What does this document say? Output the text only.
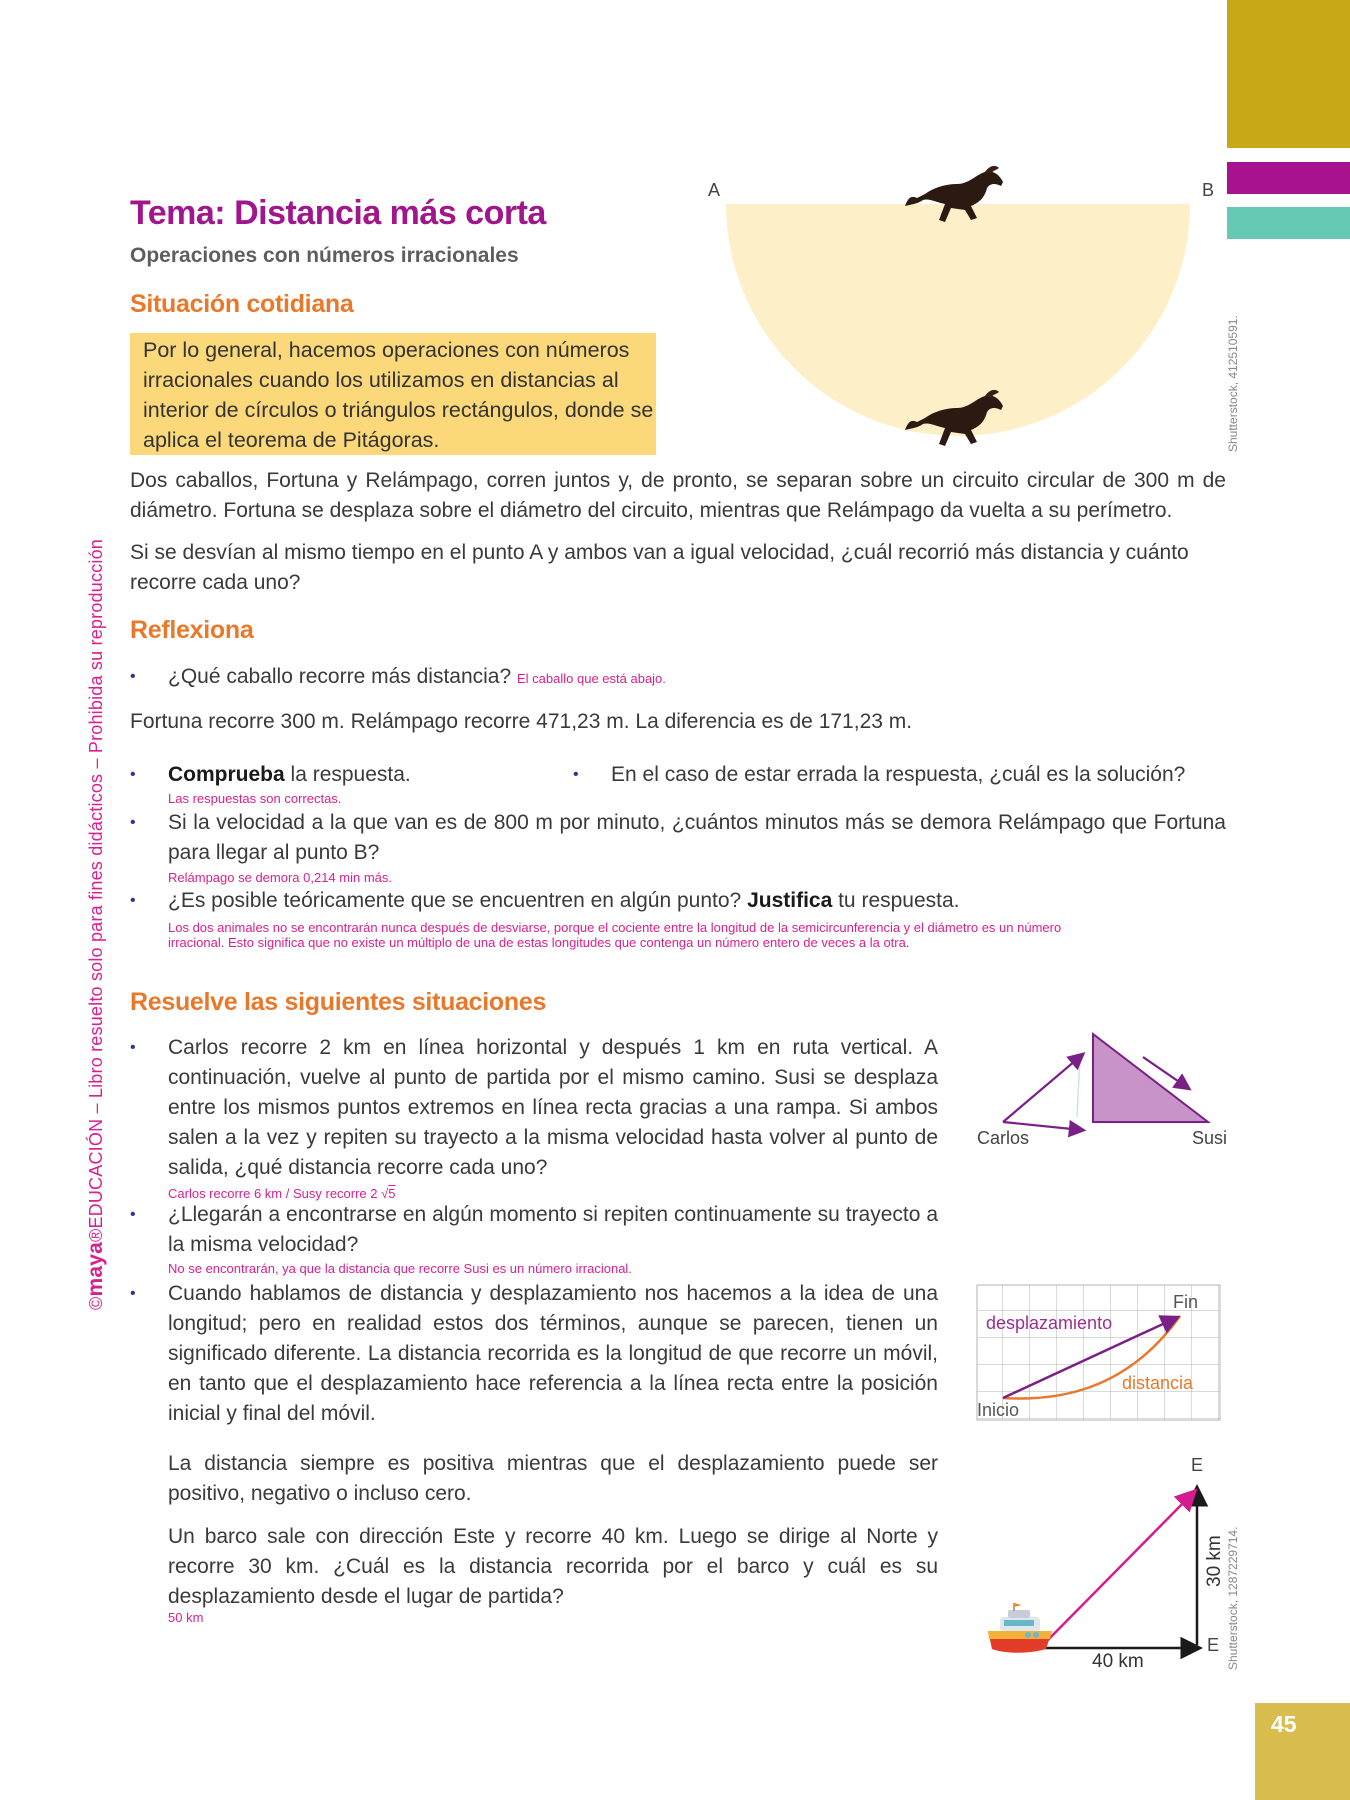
©maya®EDUCACIÓN – Libro resuelto solo para fines didácticos – Prohibida su reproducción
Tema: Distancia más corta
Operaciones con números irracionales
Situación cotidiana
Por lo general, hacemos operaciones con números irracionales cuando los utilizamos en distancias al interior de círculos o triángulos rectángulos, donde se aplica el teorema de Pitágoras.
A	B
Shutterstock, 412510591.
Dos caballos, Fortuna y Relámpago, corren juntos y, de pronto, se separan sobre un circuito circular de 300 m de diámetro. Fortuna se desplaza sobre el diámetro del circuito, mientras que Relámpago da vuelta a su perímetro.
Si se desvían al mismo tiempo en el punto A y ambos van a igual velocidad, ¿cuál recorrió más distancia y cuánto recorre cada uno?
Reflexiona
• ¿Qué caballo recorre más distancia? El caballo que está abajo.
Fortuna recorre 300 m. Relámpago recorre 471,23 m. La diferencia es de 171,23 m.
• Comprueba la respuesta.
Las respuestas son correctas.
• En el caso de estar errada la respuesta, ¿cuál es la solución?
• Si la velocidad a la que van es de 800 m por minuto, ¿cuántos minutos más se demora Relámpago que Fortuna para llegar al punto B?
Relámpago se demora 0,214 min más.
• ¿Es posible teóricamente que se encuentren en algún punto? Justifica tu respuesta.
Los dos animales no se encontrarán nunca después de desviarse, porque el cociente entre la longitud de la semicircunferencia y el diámetro es un número irracional. Esto significa que no existe un múltiplo de una de estas longitudes que contenga un número entero de veces a la otra.
Resuelve las siguientes situaciones
• Carlos recorre 2 km en línea horizontal y después 1 km en ruta vertical. A continuación, vuelve al punto de partida por el mismo camino. Susi se desplaza entre los mismos puntos extremos en línea recta gracias a una rampa. Si ambos salen a la vez y repiten su trayecto a la misma velocidad hasta volver al punto de salida, ¿qué distancia recorre cada uno?
Carlos recorre 6 km / Susy recorre 2 √5
• ¿Llegarán a encontrarse en algún momento si repiten continuamente su trayecto a la misma velocidad?
No se encontrarán, ya que la distancia que recorre Susi es un número irracional.
• Cuando hablamos de distancia y desplazamiento nos hacemos a la idea de una longitud; pero en realidad estos dos términos, aunque se parecen, tienen un significado diferente. La distancia recorrida es la longitud de que recorre un móvil, en tanto que el desplazamiento hace referencia a la línea recta entre la posición inicial y final del móvil.
La distancia siempre es positiva mientras que el desplazamiento puede ser positivo, negativo o incluso cero.
Un barco sale con dirección Este y recorre 40 km. Luego se dirige al Norte y recorre 30 km. ¿Cuál es la distancia recorrida por el barco y cuál es su desplazamiento desde el lugar de partida?
50 km
Carlos	Susi
Fin
desplazamiento
distancia
Inicio
E
E
40 km
30 km Shutterstock, 1287229714.
45
